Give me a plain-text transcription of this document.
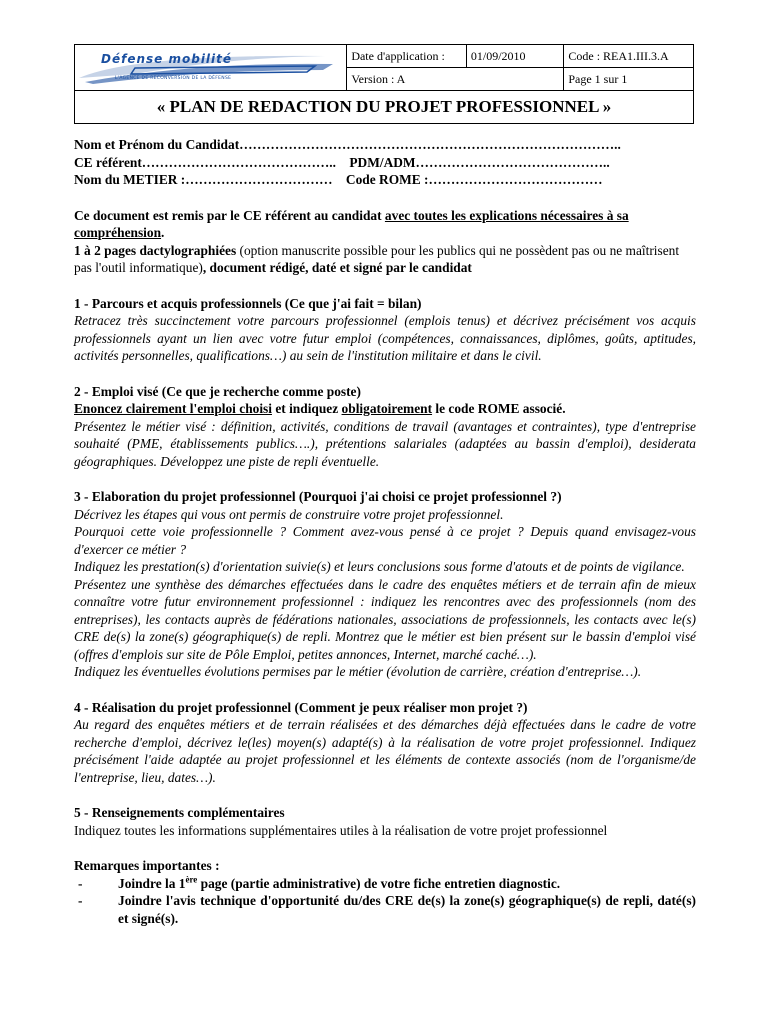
Défense mobilité
L'AGENCE DE RECONVERSION DE LA DÉFENSE	Date d'application :	01/09/2010	Code : REA1.III.3.A
	Version : A		Page 1 sur 1
« PLAN DE REDACTION DU PROJET PROFESSIONNEL »			

Nom et Prénom du Candidat…………………………………………………………………………..

CE référent…………………………………….. PDM/ADM……………………………………..

Nom du METIER :…………………………… Code ROME :…………………………………

Ce document est remis par le CE référent au candidat avec toutes les explications nécessaires à sa compréhension.

1 à 2 pages dactylographiées (option manuscrite possible pour les publics qui ne possèdent pas ou ne maîtrisent pas l'outil informatique), document rédigé, daté et signé par le candidat

1 - Parcours et acquis professionnels (Ce que j'ai fait = bilan)

Retracez très succinctement votre parcours professionnel (emplois tenus) et décrivez précisément vos acquis professionnels ayant un lien avec votre futur emploi (compétences, connaissances, diplômes, goûts, aptitudes, activités personnelles, qualifications…) au sein de l'institution militaire et dans le civil.

2 - Emploi visé (Ce que je recherche comme poste)

Enoncez clairement l'emploi choisi et indiquez obligatoirement le code ROME associé.

Présentez le métier visé : définition, activités, conditions de travail (avantages et contraintes), type d'entreprise souhaité (PME, établissements publics….), prétentions salariales (adaptées au bassin d'emploi), desiderata géographiques. Développez une piste de repli éventuelle.

3 - Elaboration du projet professionnel (Pourquoi j'ai choisi ce projet professionnel ?)

Décrivez les étapes qui vous ont permis de construire votre projet professionnel.

Pourquoi cette voie professionnelle ? Comment avez-vous pensé à ce projet ? Depuis quand envisagez-vous d'exercer ce métier ?

Indiquez les prestation(s) d'orientation suivie(s) et leurs conclusions sous forme d'atouts et de points de vigilance.

Présentez une synthèse des démarches effectuées dans le cadre des enquêtes métiers et de terrain afin de mieux connaître votre futur environnement professionnel : indiquez les rencontres avec des professionnels (nom des entreprises), les contacts auprès de fédérations nationales, associations de professionnels, les contacts avec le(s) CRE de(s) la zone(s) géographique(s) de repli. Montrez que le métier est bien présent sur le bassin d'emploi visé (offres d'emplois sur site de Pôle Emploi, petites annonces, Internet, marché caché…).

Indiquez les éventuelles évolutions permises par le métier (évolution de carrière, création d'entreprise…).

4 - Réalisation du projet professionnel (Comment je peux réaliser mon projet ?)

Au regard des enquêtes métiers et de terrain réalisées et des démarches déjà effectuées dans le cadre de votre recherche d'emploi, décrivez le(les) moyen(s) adapté(s) à la réalisation de votre projet professionnel. Indiquez précisément l'aide adaptée au projet professionnel et les éléments de contexte associés (nom de l'organisme/de l'entreprise, lieu, dates…).

5 - Renseignements complémentaires

Indiquez toutes les informations supplémentaires utiles à la réalisation de votre projet professionnel

Remarques importantes :

-	Joindre la 1ère page (partie administrative) de votre fiche entretien diagnostic.
-	Joindre l'avis technique d'opportunité du/des CRE de(s) la zone(s) géographique(s) de repli, daté(s) et signé(s).
